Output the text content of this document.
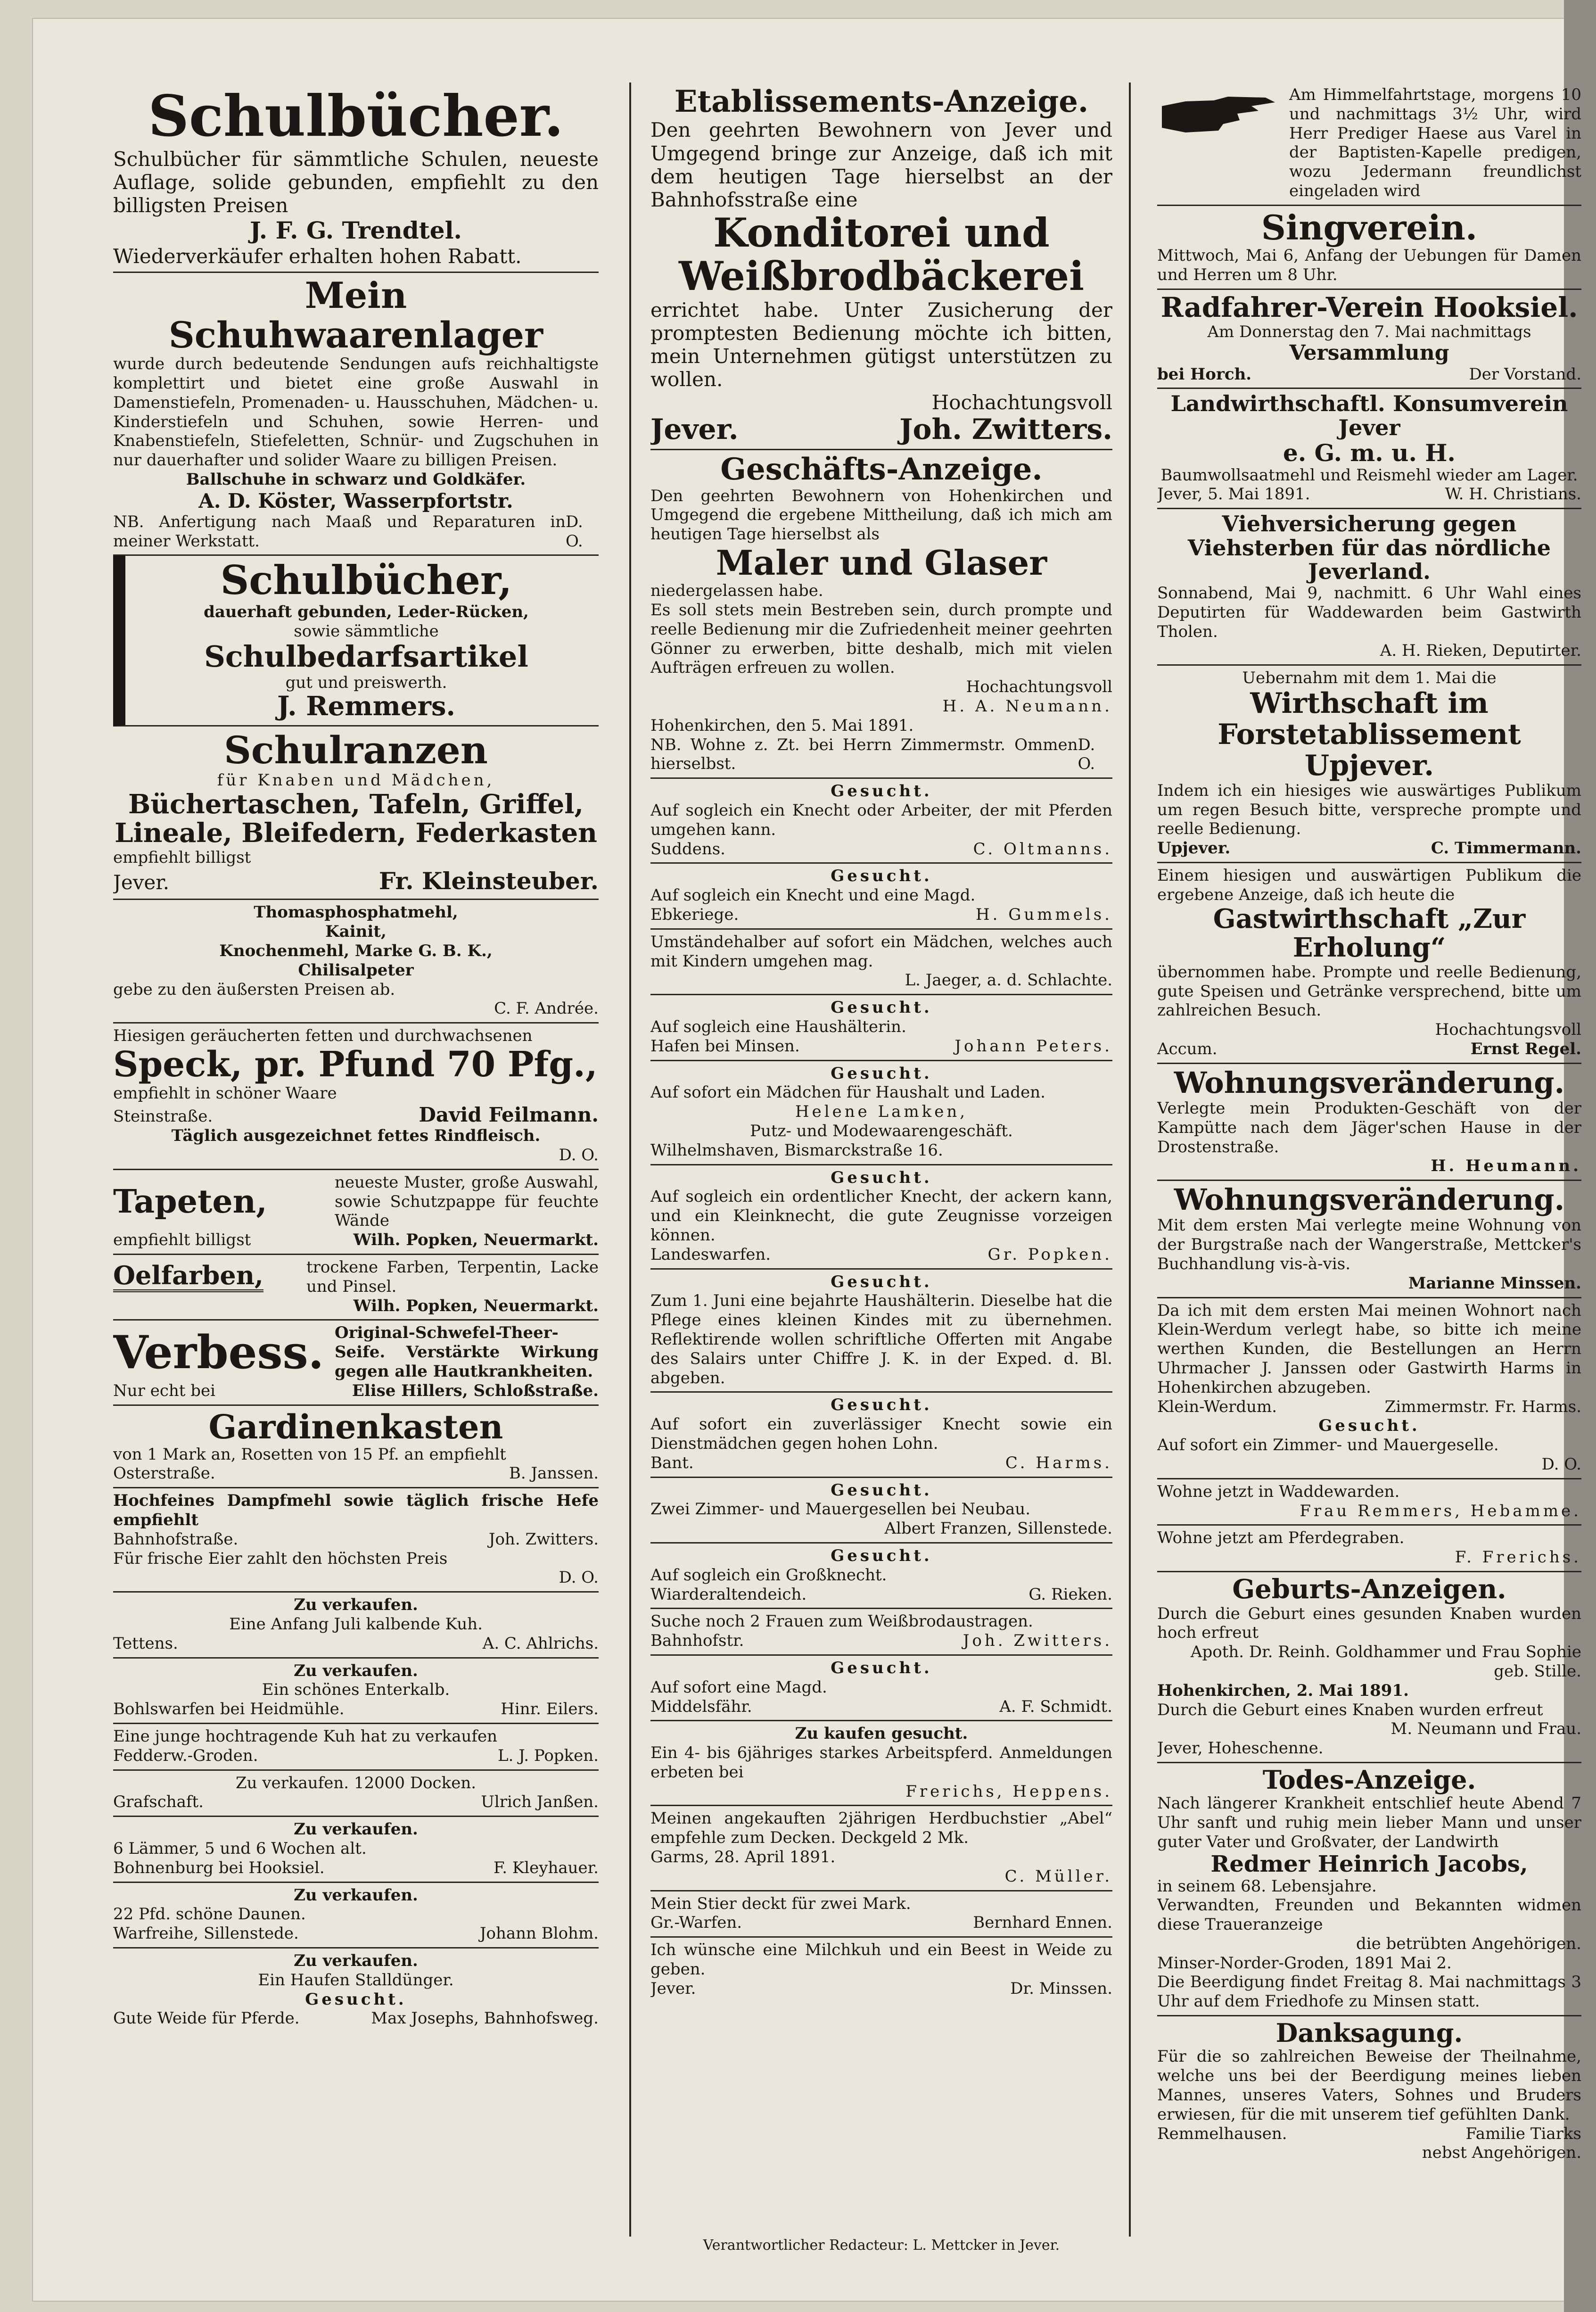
Schulbücher.

Schulbücher für sämmtliche Schulen, neueste Auflage, solide gebunden, empfiehlt zu den billigsten Preisen

J. F. G. Trendtel.

Wiederverkäufer erhalten hohen Rabatt.

Mein Schuhwaarenlager

wurde durch bedeutende Sendungen aufs reichhaltigste komplettirt und bietet eine große Auswahl in Damenstiefeln, Promenaden- u. Hausschuhen, Mädchen- u. Kinderstiefeln und Schuhen, sowie Herren- und Knabenstiefeln, Stiefeletten, Schnür- und Zugschuhen in nur dauerhafter und solider Waare zu billigen Preisen.

Ballschuhe in schwarz und Goldkäfer.

A. D. Köster, Wasserpfortstr.

NB. Anfertigung nach Maaß und Reparaturen in meiner Werkstatt.
D. O.

Schulbücher,

dauerhaft gebunden, Leder-Rücken,

sowie sämmtliche

Schulbedarfsartikel

gut und preiswerth.

J. Remmers.

Schulranzen

für Knaben und Mädchen,

Büchertaschen, Tafeln, Griffel, Lineale, Bleifedern, Federkasten

empfiehlt billigst

Jever.	Fr. Kleinsteuber.

Thomasphosphatmehl,

Kainit,

Knochenmehl, Marke G. B. K.,

Chilisalpeter

gebe zu den äußersten Preisen ab.

C. F. Andrée.

Hiesigen geräucherten fetten und durchwachsenen

Speck, pr. Pfund 70 Pfg.,

empfiehlt in schöner Waare

Steinstraße.	David Feilmann.

Täglich ausgezeichnet fettes Rindfleisch.

D. O.

Tapeten,
neueste Muster, große Auswahl, sowie Schutzpappe für feuchte Wände
empfiehlt billigst	Wilh. Popken, Neuermarkt.
Oelfarben,	trockene Farben, Terpentin, Lacke und Pinsel.

Wilh. Popken, Neuermarkt.

Verbess. Original-Schwefel-Theer-Seife. Verstärkte Wirkung gegen alle Hautkrankheiten.
Nur echt bei	Elise Hillers, Schloßstraße.

Gardinenkasten

von 1 Mark an, Rosetten von 15 Pf. an empfiehlt

Osterstraße.	B. Janssen.

Hochfeines Dampfmehl sowie täglich frische Hefe empfiehlt

Bahnhofstraße.	Joh. Zwitters.

Für frische Eier zahlt den höchsten Preis

D. O.

Zu verkaufen.

Eine Anfang Juli kalbende Kuh.

Tettens.	A. C. Ahlrichs.

Zu verkaufen.

Ein schönes Enterkalb.

Bohlswarfen bei Heidmühle.	Hinr. Eilers.

Eine junge hochtragende Kuh hat zu verkaufen

Fedderw.-Groden.	L. J. Popken.

Zu verkaufen. 12000 Docken.

Grafschaft.	Ulrich Janßen.

Zu verkaufen.

6 Lämmer, 5 und 6 Wochen alt.

Bohnenburg bei Hooksiel.	F. Kleyhauer.

Zu verkaufen.

22 Pfd. schöne Daunen.

Warfreihe, Sillenstede.	Johann Blohm.

Zu verkaufen.

Ein Haufen Stalldünger.

Gesucht.

Gute Weide für Pferde.	Max Josephs, Bahnhofsweg.

Etablissements-Anzeige.

Den geehrten Bewohnern von Jever und Umgegend bringe zur Anzeige, daß ich mit dem heutigen Tage hierselbst an der Bahnhofsstraße eine

Konditorei und Weißbrodbäckerei

errichtet habe. Unter Zusicherung der promptesten Bedienung möchte ich bitten, mein Unternehmen gütigst unterstützen zu wollen.

Hochachtungsvoll

Jever.	Joh. Zwitters.

Geschäfts-Anzeige.

Den geehrten Bewohnern von Hohenkirchen und Umgegend die ergebene Mittheilung, daß ich mich am heutigen Tage hierselbst als

Maler und Glaser

niedergelassen habe.

Es soll stets mein Bestreben sein, durch prompte und reelle Bedienung mir die Zufriedenheit meiner geehrten Gönner zu erwerben, bitte deshalb, mich mit vielen Aufträgen erfreuen zu wollen.

Hochachtungsvoll

H. A. Neumann.

Hohenkirchen, den 5. Mai 1891.

NB. Wohne z. Zt. bei Herrn Zimmermstr. Ommen hierselbst.
D. O.

Gesucht.

Auf sogleich ein Knecht oder Arbeiter, der mit Pferden umgehen kann.

Suddens.	C. Oltmanns.

Gesucht.

Auf sogleich ein Knecht und eine Magd.

Ebkeriege.	H. Gummels.

Umständehalber auf sofort ein Mädchen, welches auch mit Kindern umgehen mag.

L. Jaeger, a. d. Schlachte.

Gesucht.

Auf sogleich eine Haushälterin.

Hafen bei Minsen.	Johann Peters.

Gesucht.

Auf sofort ein Mädchen für Haushalt und Laden.

Helene Lamken,

Putz- und Modewaarengeschäft.

Wilhelmshaven, Bismarckstraße 16.

Gesucht.

Auf sogleich ein ordentlicher Knecht, der ackern kann, und ein Kleinknecht, die gute Zeugnisse vorzeigen können.

Landeswarfen.	Gr. Popken.

Gesucht.

Zum 1. Juni eine bejahrte Haushälterin. Dieselbe hat die Pflege eines kleinen Kindes mit zu übernehmen. Reflektirende wollen schriftliche Offerten mit Angabe des Salairs unter Chiffre J. K. in der Exped. d. Bl. abgeben.

Gesucht.

Auf sofort ein zuverlässiger Knecht sowie ein Dienstmädchen gegen hohen Lohn.

Bant.	C. Harms.

Gesucht.

Zwei Zimmer- und Mauergesellen bei Neubau.

Albert Franzen, Sillenstede.

Gesucht.

Auf sogleich ein Großknecht.

Wiarderaltendeich.	G. Rieken.

Suche noch 2 Frauen zum Weißbrodaustragen.

Bahnhofstr.	Joh. Zwitters.

Gesucht.

Auf sofort eine Magd.

Middelsfähr.	A. F. Schmidt.

Zu kaufen gesucht.

Ein 4- bis 6jähriges starkes Arbeitspferd. Anmeldungen erbeten bei

Frerichs, Heppens.

Meinen angekauften 2jährigen Herdbuchstier „Abel“ empfehle zum Decken. Deckgeld 2 Mk.

Garms, 28. April 1891.

C. Müller.

Mein Stier deckt für zwei Mark.

Gr.-Warfen.	Bernhard Ennen.

Ich wünsche eine Milchkuh und ein Beest in Weide zu geben.

Jever.	Dr. Minssen.

Am Himmelfahrtstage, morgens 10 und nachmittags 3½ Uhr, wird Herr Prediger Haese aus Varel in der Baptisten-Kapelle predigen, wozu Jedermann freundlichst eingeladen wird

Singverein.

Mittwoch, Mai 6, Anfang der Uebungen für Damen und Herren um 8 Uhr.

Radfahrer-Verein Hooksiel.

Am Donnerstag den 7. Mai nachmittags

Versammlung

bei Horch.	Der Vorstand.

Landwirthschaftl. Konsumverein Jever

e. G. m. u. H.

Baumwollsaatmehl und Reismehl wieder am Lager.

Jever, 5. Mai 1891.	W. H. Christians.

Viehversicherung gegen Viehsterben für das nördliche Jeverland.

Sonnabend, Mai 9, nachmitt. 6 Uhr Wahl eines Deputirten für Waddewarden beim Gastwirth Tholen.

A. H. Rieken, Deputirter.

Uebernahm mit dem 1. Mai die

Wirthschaft im Forstetablissement Upjever.

Indem ich ein hiesiges wie auswärtiges Publikum um regen Besuch bitte, verspreche prompte und reelle Bedienung.

Upjever.	C. Timmermann.

Einem hiesigen und auswärtigen Publikum die ergebene Anzeige, daß ich heute die

Gastwirthschaft „Zur Erholung“

übernommen habe. Prompte und reelle Bedienung, gute Speisen und Getränke versprechend, bitte um zahlreichen Besuch.

Hochachtungsvoll

Accum.	Ernst Regel.

Wohnungsveränderung.

Verlegte mein Produkten-Geschäft von der Kampütte nach dem Jäger'schen Hause in der Drostenstraße.

H. Heumann.

Wohnungsveränderung.

Mit dem ersten Mai verlegte meine Wohnung von der Burgstraße nach der Wangerstraße, Mettcker's Buchhandlung vis-à-vis.

Marianne Minssen.

Da ich mit dem ersten Mai meinen Wohnort nach Klein-Werdum verlegt habe, so bitte ich meine werthen Kunden, die Bestellungen an Herrn Uhrmacher J. Janssen oder Gastwirth Harms in Hohenkirchen abzugeben.

Klein-Werdum.	Zimmermstr. Fr. Harms.

Gesucht.

Auf sofort ein Zimmer- und Mauergeselle.

D. O.

Wohne jetzt in Waddewarden.

Frau Remmers, Hebamme.

Wohne jetzt am Pferdegraben.

F. Frerichs.

Geburts-Anzeigen.

Durch die Geburt eines gesunden Knaben wurden hoch erfreut

Apoth. Dr. Reinh. Goldhammer und Frau Sophie geb. Stille.

Hohenkirchen, 2. Mai 1891.

Durch die Geburt eines Knaben wurden erfreut

M. Neumann und Frau.

Jever, Hoheschenne.

Todes-Anzeige.

Nach längerer Krankheit entschlief heute Abend 7 Uhr sanft und ruhig mein lieber Mann und unser guter Vater und Großvater, der Landwirth

Redmer Heinrich Jacobs,

in seinem 68. Lebensjahre.

Verwandten, Freunden und Bekannten widmen diese Traueranzeige

die betrübten Angehörigen.

Minser-Norder-Groden, 1891 Mai 2.

Die Beerdigung findet Freitag 8. Mai nachmittags 3 Uhr auf dem Friedhofe zu Minsen statt.

Danksagung.

Für die so zahlreichen Beweise der Theilnahme, welche uns bei der Beerdigung meines lieben Mannes, unseres Vaters, Sohnes und Bruders erwiesen, für die mit unserem tief gefühlten Dank.

Remmelhausen.	Familie Tiarks

nebst Angehörigen.

Verantwortlicher Redacteur: L. Mettcker in Jever.
